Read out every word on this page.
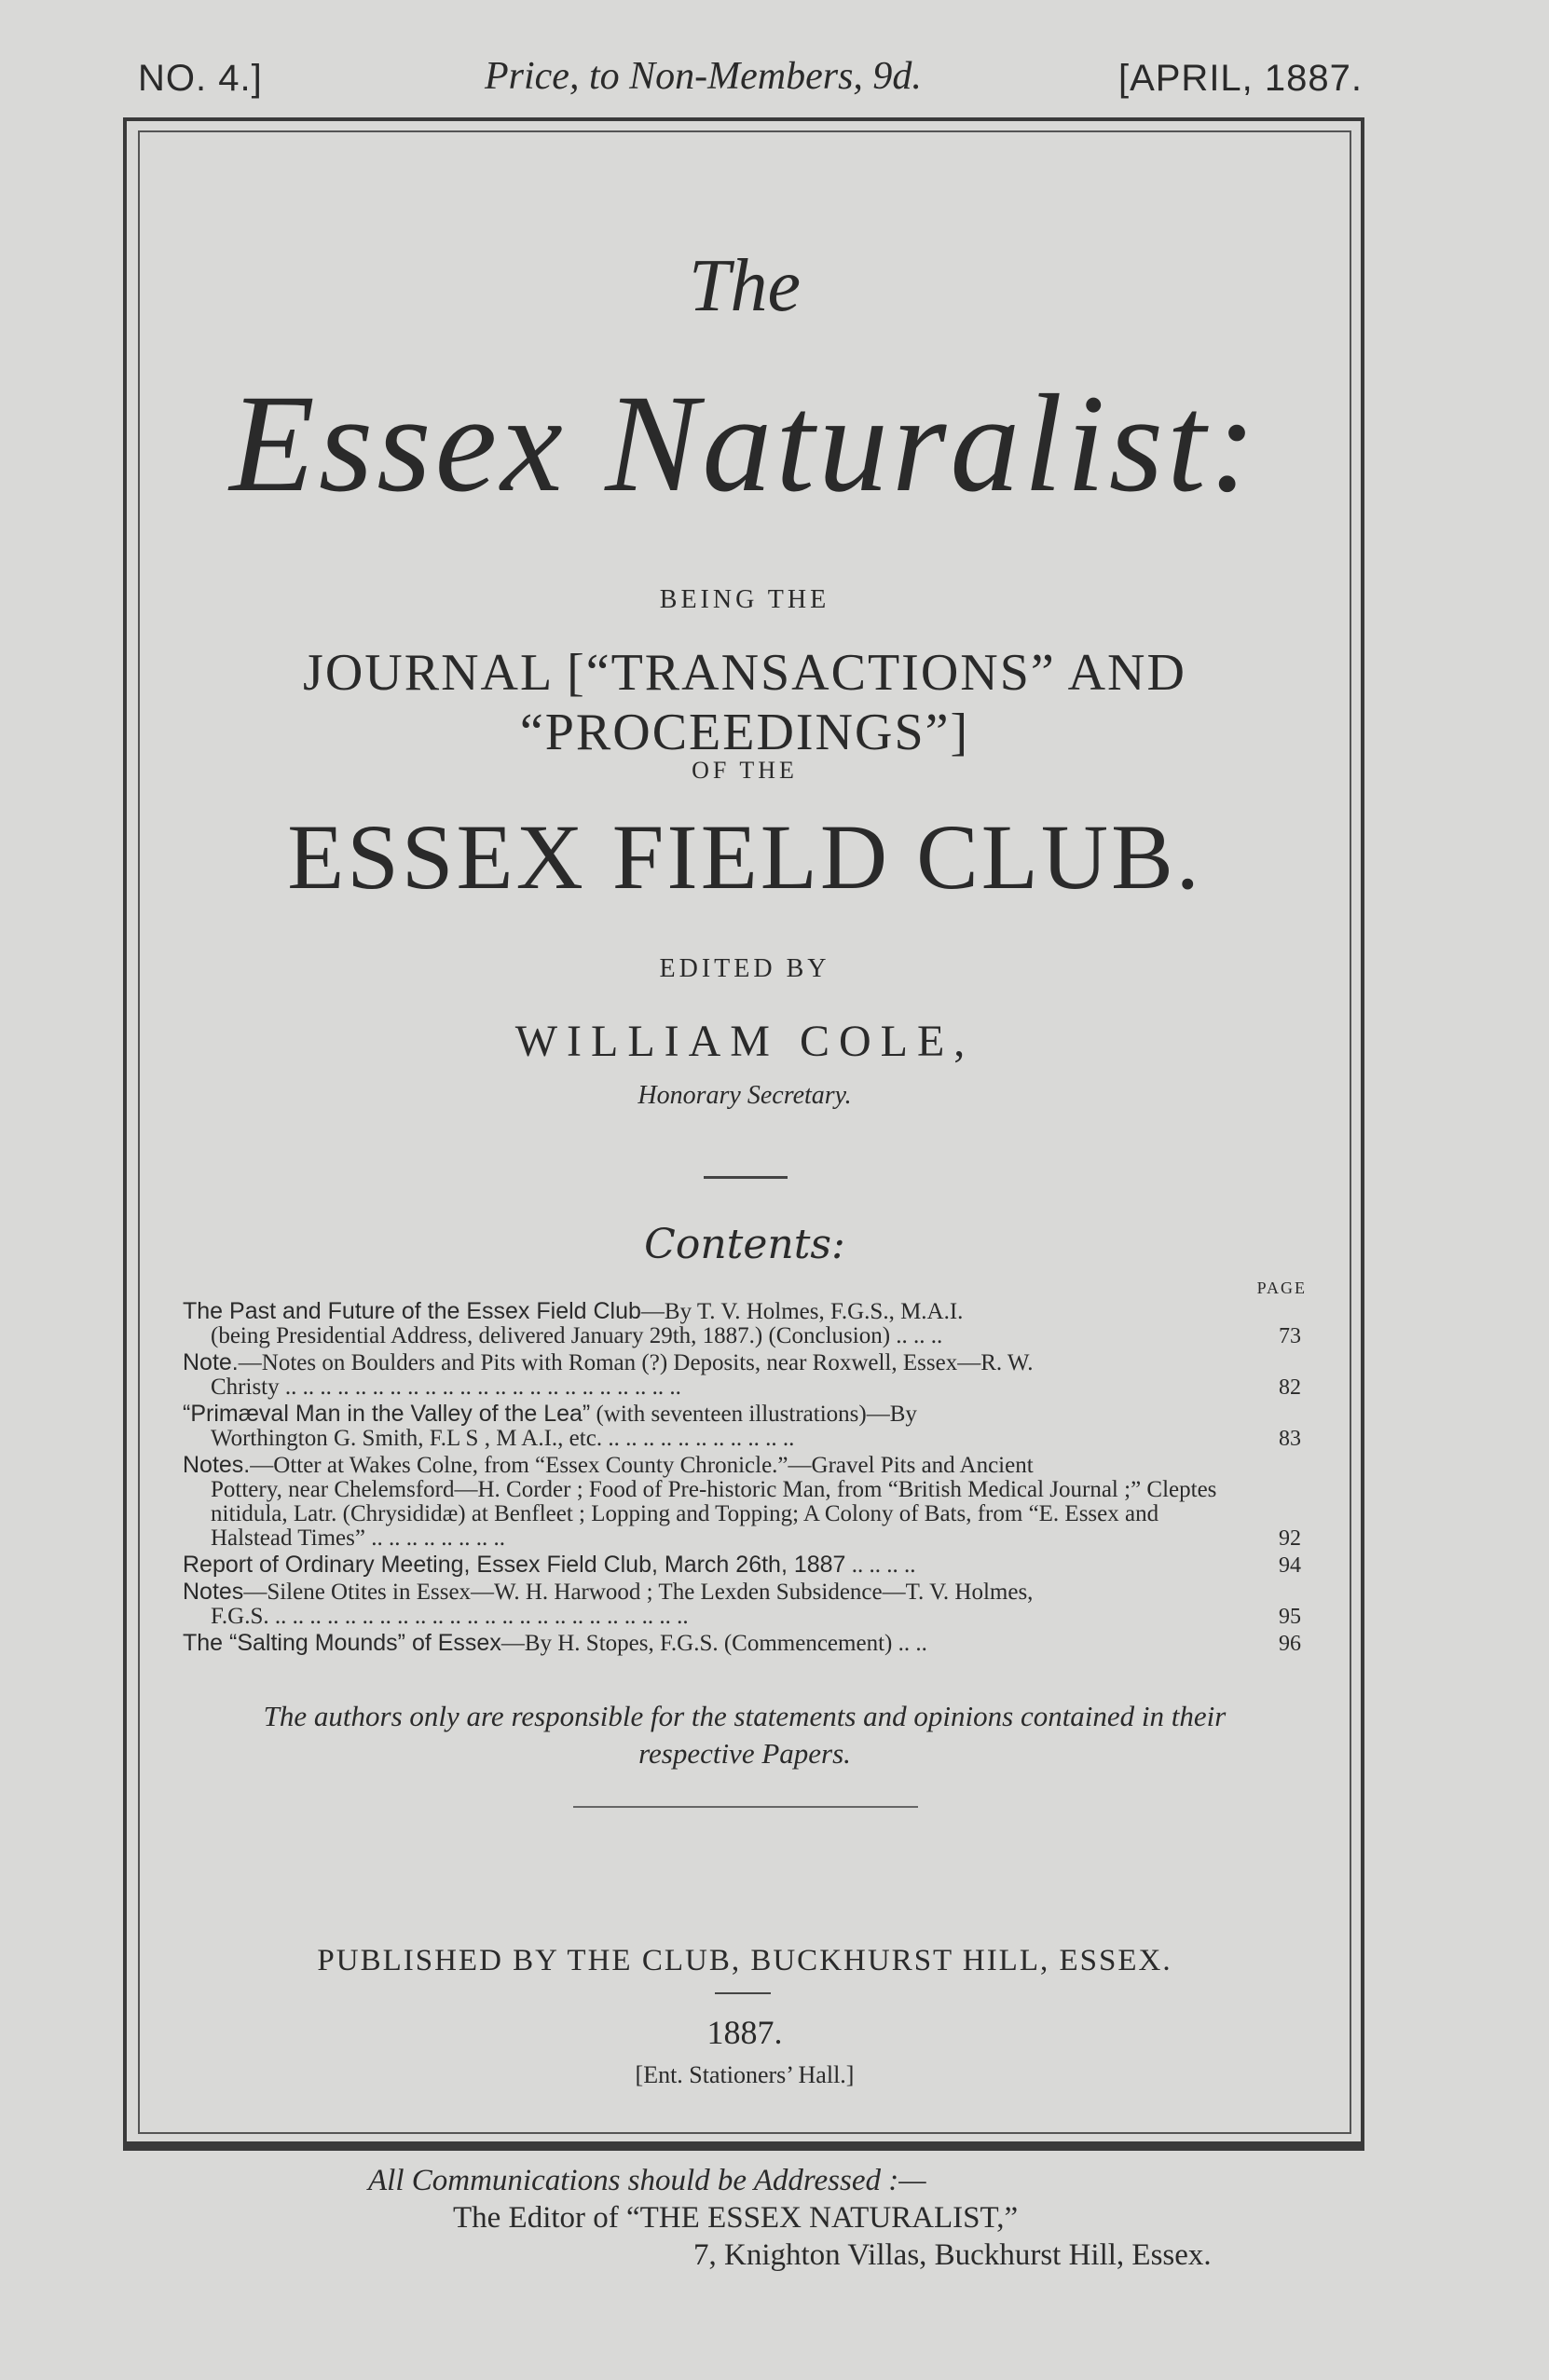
NO. 4.]	Price, to Non-Members, 9d.	[APRIL, 1887.
The
Essex Naturalist:
BEING THE
JOURNAL [“TRANSACTIONS” AND “PROCEEDINGS”]
OF THE
ESSEX FIELD CLUB.
EDITED BY
WILLIAM COLE,
Honorary Secretary.
Contents:
PAGE
The Past and Future of the Essex Field Club—By T. V. Holmes, F.G.S., M.A.I.
(being Presidential Address, delivered January 29th, 1887.) (Conclusion) .. .. ..	73
Note.—Notes on Boulders and Pits with Roman (?) Deposits, near Roxwell, Essex—R. W.
Christy .. .. .. .. .. .. .. .. .. .. .. .. .. .. .. .. .. .. .. .. .. .. ..	82
“Primæval Man in the Valley of the Lea” (with seventeen illustrations)—By
Worthington G. Smith, F.L S , M A.I., etc. .. .. .. .. .. .. .. .. .. .. ..	83
Notes.—Otter at Wakes Colne, from “Essex County Chronicle.”—Gravel Pits and Ancient
Pottery, near Chelemsford—H. Corder ; Food of Pre-historic Man, from “British Medical Journal ;” Cleptes nitidula, Latr. (Chrysididæ) at Benfleet ; Lopping and Topping; A Colony of Bats, from “E. Essex and Halstead Times” .. .. .. .. .. .. .. ..	92
Report of Ordinary Meeting, Essex Field Club, March 26th, 1887 .. .. .. ..	94
Notes—Silene Otites in Essex—W. H. Harwood ; The Lexden Subsidence—T. V. Holmes,
F.G.S. .. .. .. .. .. .. .. .. .. .. .. .. .. .. .. .. .. .. .. .. .. .. .. ..	95
The “Salting Mounds” of Essex—By H. Stopes, F.G.S. (Commencement) .. ..	96
The authors only are responsible for the statements and opinions contained in their
respective Papers.
PUBLISHED BY THE CLUB, BUCKHURST HILL, ESSEX.
1887.
[Ent. Stationers’ Hall.]
All Communications should be Addressed :—
The Editor of “THE ESSEX NATURALIST,”
7, Knighton Villas, Buckhurst Hill, Essex.
